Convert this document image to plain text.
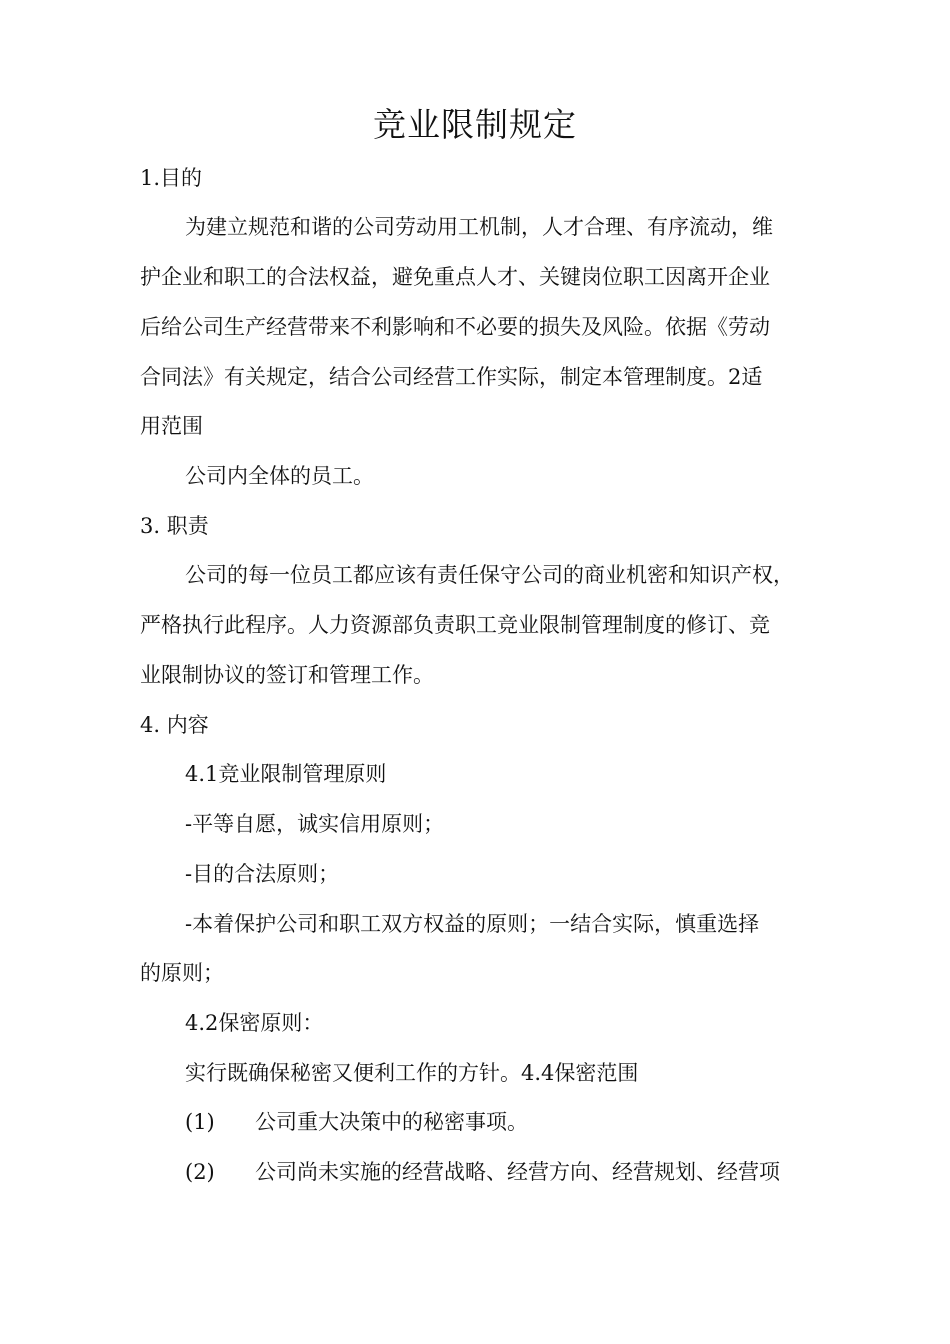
竞业限制规定
1.目的
为建立规范和谐的公司劳动用工机制，人才合理、有序流动，维
护企业和职工的合法权益，避免重点人才、关键岗位职工因离开企业
后给公司生产经营带来不利影响和不必要的损失及风险。依据《劳动
合同法》有关规定，结合公司经营工作实际，制定本管理制度。2适
用范围
公司内全体的员工。
3. 职责
公司的每一位员工都应该有责任保守公司的商业机密和知识产权，
严格执行此程序。人力资源部负责职工竞业限制管理制度的修订、竞
业限制协议的签订和管理工作。
4. 内容
4.1竞业限制管理原则
-平等自愿，诚实信用原则；
-目的合法原则；
-本着保护公司和职工双方权益的原则；一结合实际，慎重选择
的原则；
4.2保密原则：
实行既确保秘密又便利工作的方针。4.4保密范围
(1) 公司重大决策中的秘密事项。
(2) 公司尚未实施的经营战略、经营方向、经营规划、经营项
